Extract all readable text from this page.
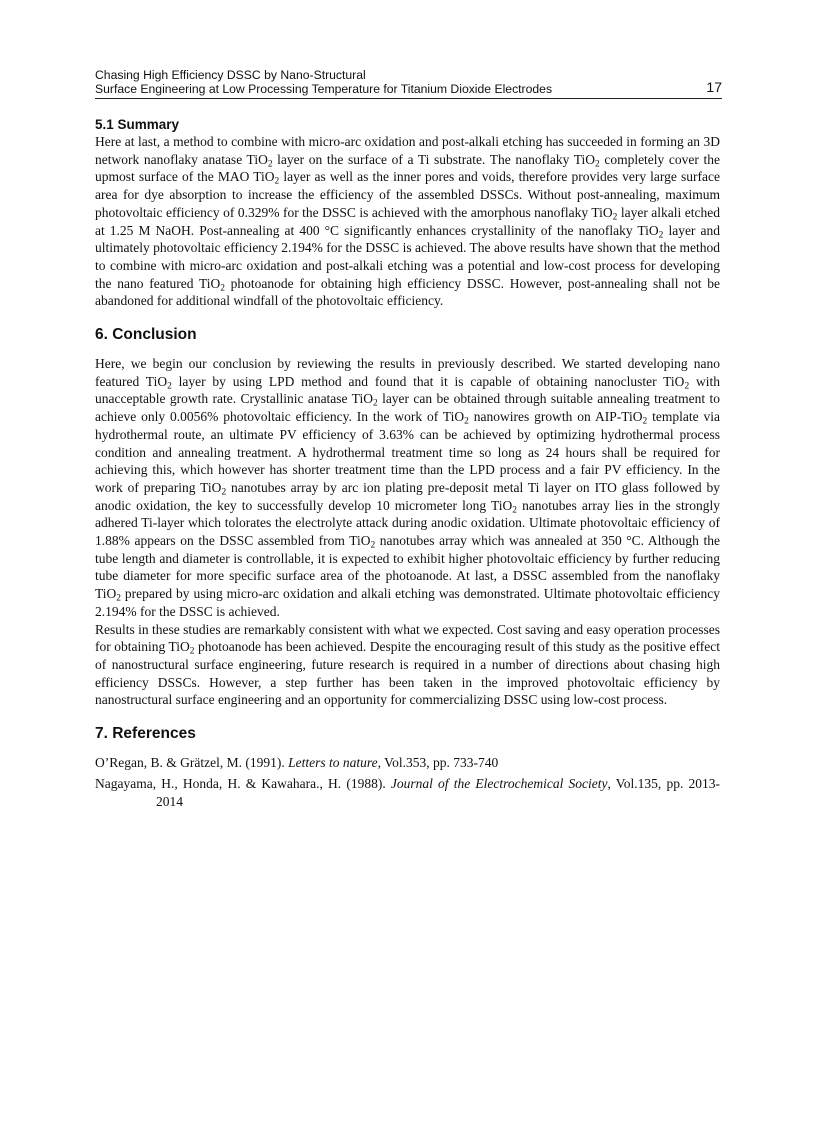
Chasing High Efficiency DSSC by Nano-Structural
Surface Engineering at Low Processing Temperature for Titanium Dioxide Electrodes	17
5.1 Summary

Here at last, a method to combine with micro-arc oxidation and post-alkali etching has succeeded in forming an 3D network nanoflaky anatase TiO$_2$ layer on the surface of a Ti substrate. The nanoflaky TiO$_2$ completely cover the upmost surface of the MAO TiO$_2$ layer as well as the inner pores and voids, therefore provides very large surface area for dye absorption to increase the efficiency of the assembled DSSCs. Without post-annealing, maximum photovoltaic efficiency of 0.329% for the DSSC is achieved with the amorphous nanoflaky TiO$_2$ layer alkali etched at 1.25 M NaOH. Post-annealing at 400 °C significantly enhances crystallinity of the nanoflaky TiO$_2$ layer and ultimately photovoltaic efficiency 2.194% for the DSSC is achieved. The above results have shown that the method to combine with micro-arc oxidation and post-alkali etching was a potential and low-cost process for developing the nano featured TiO$_2$ photoanode for obtaining high efficiency DSSC. However, post-annealing shall not be abandoned for additional windfall of the photovoltaic efficiency.

6. Conclusion

Here, we begin our conclusion by reviewing the results in previously described. We started developing nano featured TiO$_2$ layer by using LPD method and found that it is capable of obtaining nanocluster TiO$_2$ with unacceptable growth rate. Crystallinic anatase TiO$_2$ layer can be obtained through suitable annealing treatment to achieve only 0.0056% photovoltaic efficiency. In the work of TiO$_2$ nanowires growth on AIP-TiO$_2$ template via hydrothermal route, an ultimate PV efficiency of 3.63% can be achieved by optimizing hydrothermal process condition and annealing treatment. A hydrothermal treatment time so long as 24 hours shall be required for achieving this, which however has shorter treatment time than the LPD process and a fair PV efficiency. In the work of preparing TiO$_2$ nanotubes array by arc ion plating pre-deposit metal Ti layer on ITO glass followed by anodic oxidation, the key to successfully develop 10 micrometer long TiO$_2$ nanotubes array lies in the strongly adhered Ti-layer which tolorates the electrolyte attack during anodic oxidation. Ultimate photovoltaic efficiency of 1.88% appears on the DSSC assembled from TiO$_2$ nanotubes array which was annealed at 350 °C. Although the tube length and diameter is controllable, it is expected to exhibit higher photovoltaic efficiency by further reducing tube diameter for more specific surface area of the photoanode. At last, a DSSC assembled from the nanoflaky TiO$_2$ prepared by using micro-arc oxidation and alkali etching was demonstrated. Ultimate photovoltaic efficiency 2.194% for the DSSC is achieved.

Results in these studies are remarkably consistent with what we expected. Cost saving and easy operation processes for obtaining TiO$_2$ photoanode has been achieved. Despite the encouraging result of this study as the positive effect of nanostructural surface engineering, future research is required in a number of directions about chasing high efficiency DSSCs. However, a step further has been taken in the improved photovoltaic efficiency by nanostructural surface engineering and an opportunity for commercializing DSSC using low-cost process.

7. References

O’Regan, B. & Grätzel, M. (1991). Letters to nature, Vol.353, pp. 733-740

Nagayama, H., Honda, H. & Kawahara., H. (1988). Journal of the Electrochemical Society, Vol.135, pp. 2013-2014
